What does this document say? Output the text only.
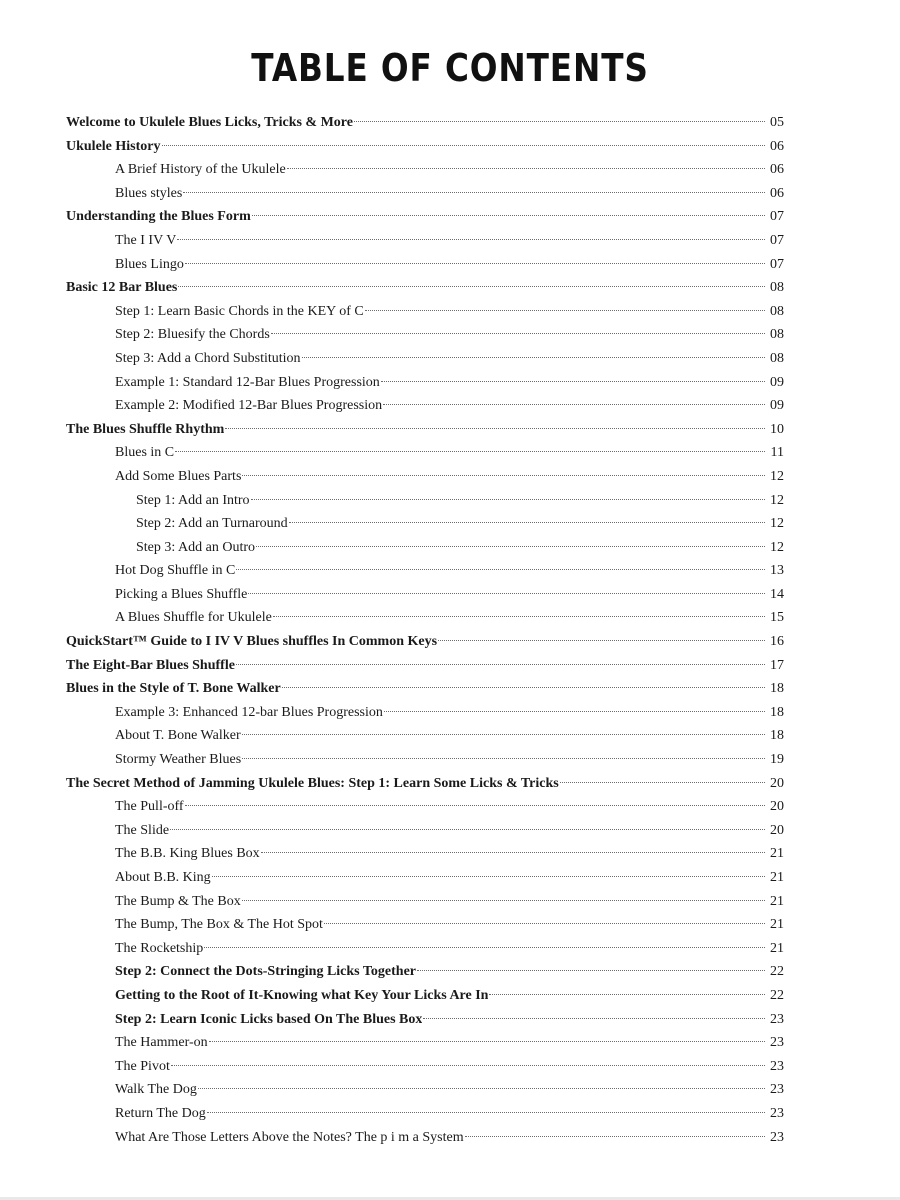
TABLE OF CONTENTS
Welcome to Ukulele Blues Licks, Tricks & More	05
Ukulele History	06
A Brief History of the Ukulele	06
Blues styles	06
Understanding the Blues Form	07
The I IV V	07
Blues Lingo	07
Basic 12 Bar Blues	08
Step 1: Learn Basic Chords in the KEY of C	08
Step 2: Bluesify the Chords	08
Step 3: Add a Chord Substitution	08
Example 1: Standard 12-Bar Blues Progression	09
Example 2: Modified 12-Bar Blues Progression	09
The Blues Shuffle Rhythm	10
Blues in C	11
Add Some Blues Parts	12
Step 1: Add an Intro	12
Step 2: Add an Turnaround	12
Step 3: Add an Outro	12
Hot Dog Shuffle in C	13
Picking a Blues Shuffle	14
A Blues Shuffle for Ukulele	15
QuickStart™ Guide to I IV V Blues shuffles In Common Keys	16
The Eight-Bar Blues Shuffle	17
Blues in the Style of T. Bone Walker	18
Example 3: Enhanced 12-bar Blues Progression	18
About T. Bone Walker	18
Stormy Weather Blues	19
The Secret Method of Jamming Ukulele Blues: Step 1: Learn Some Licks & Tricks	20
The Pull-off	20
The Slide	20
The B.B. King Blues Box	21
About B.B. King	21
The Bump & The Box	21
The Bump, The Box & The Hot Spot	21
The Rocketship	21
Step 2: Connect the Dots-Stringing Licks Together	22
Getting to the Root of It-Knowing what Key Your Licks Are In	22
Step 2: Learn Iconic Licks based On The Blues Box	23
The Hammer-on	23
The Pivot	23
Walk The Dog	23
Return The Dog	23
What Are Those Letters Above the Notes? The p i m a System	23
